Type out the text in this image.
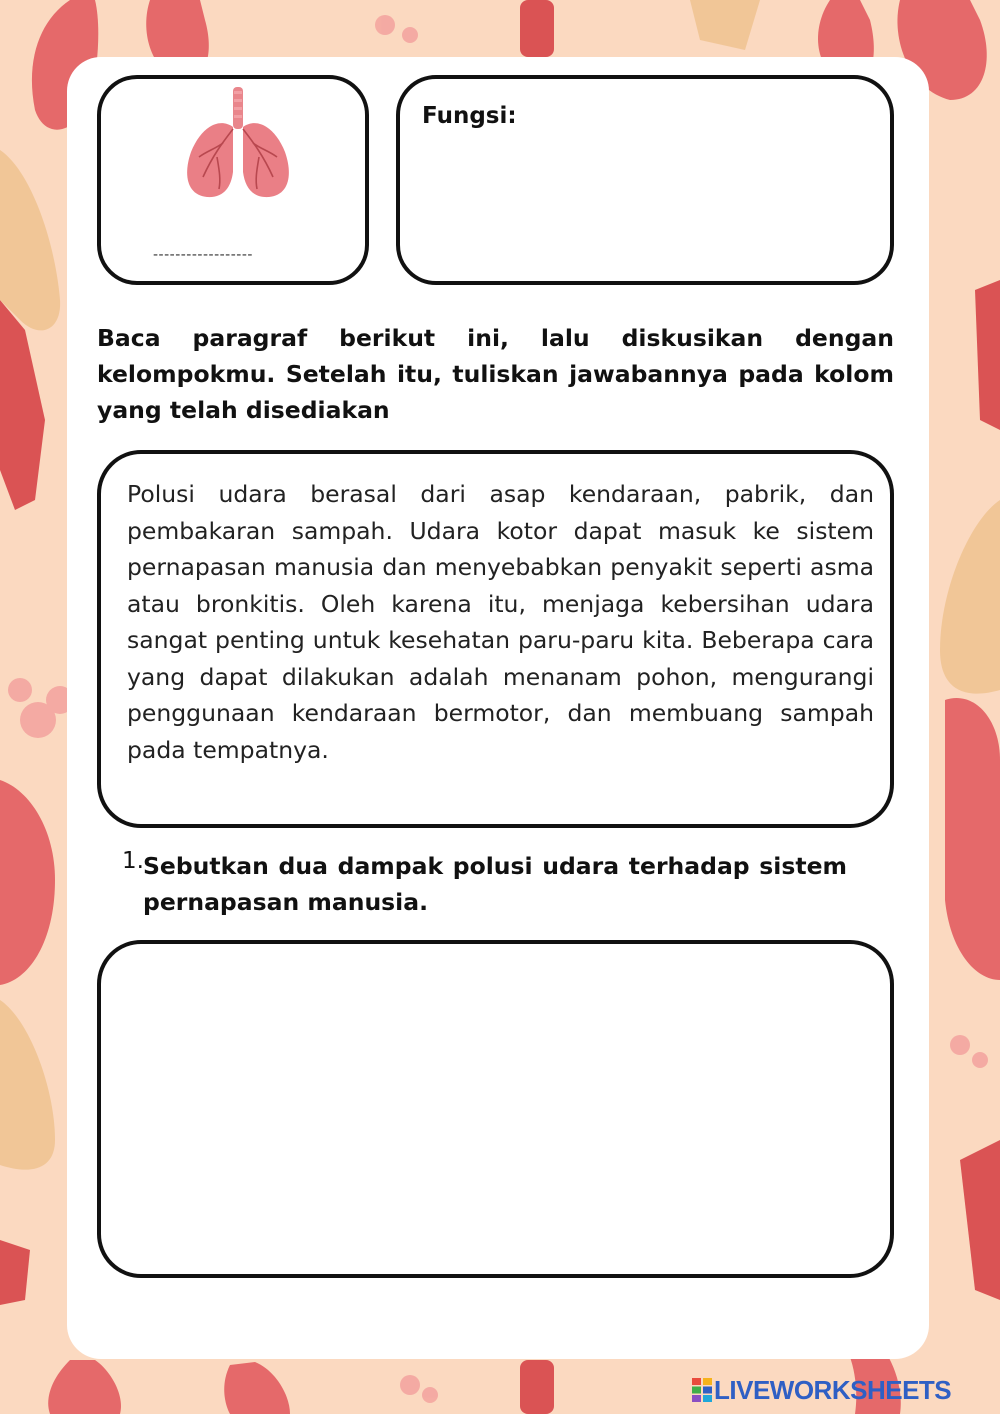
------------------
Fungsi:
Baca paragraf berikut ini, lalu diskusikan dengan kelompokmu. Setelah itu, tuliskan jawabannya pada kolom yang telah disediakan
Polusi udara berasal dari asap kendaraan, pabrik, dan pembakaran sampah. Udara kotor dapat masuk ke sistem pernapasan manusia dan menyebabkan penyakit seperti asma atau bronkitis. Oleh karena itu, menjaga kebersihan udara sangat penting untuk kesehatan paru-paru kita. Beberapa cara yang dapat dilakukan adalah menanam pohon, mengurangi penggunaan kendaraan bermotor, dan membuang sampah pada tempatnya.
1. Sebutkan dua dampak polusi udara terhadap sistem pernapasan manusia.
LIVEWORKSHEETS
